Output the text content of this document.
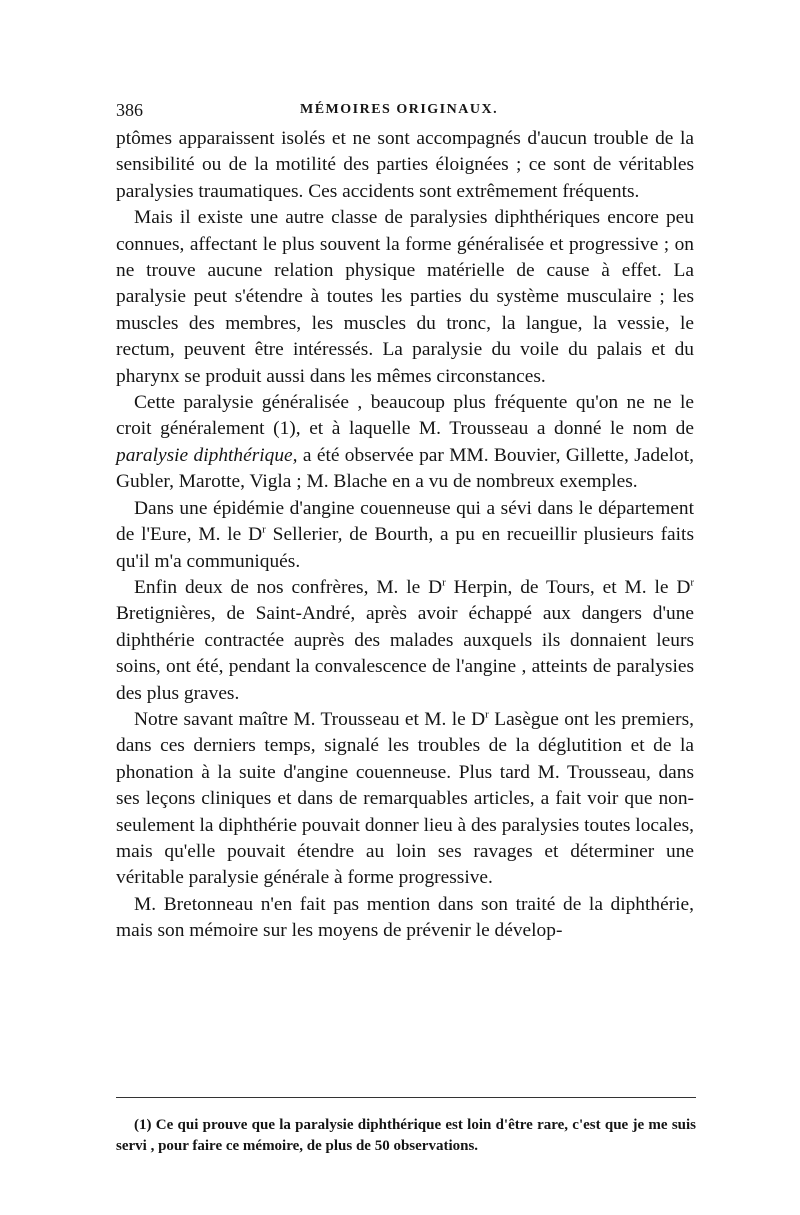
386	MÉMOIRES ORIGINAUX.

ptômes apparaissent isolés et ne sont accompagnés d'aucun trouble de la sensibilité ou de la motilité des parties éloignées ; ce sont de véritables paralysies traumatiques. Ces accidents sont extrêmement fréquents.

Mais il existe une autre classe de paralysies diphthériques encore peu connues, affectant le plus souvent la forme généralisée et progressive ; on ne trouve aucune relation physique matérielle de cause à effet. La paralysie peut s'étendre à toutes les parties du système musculaire ; les muscles des membres, les muscles du tronc, la langue, la vessie, le rectum, peuvent être intéressés. La paralysie du voile du palais et du pharynx se produit aussi dans les mêmes circonstances.

Cette paralysie généralisée , beaucoup plus fréquente qu'on ne ne le croit généralement (1), et à laquelle M. Trousseau a donné le nom de paralysie diphthérique, a été observée par MM. Bouvier, Gillette, Jadelot, Gubler, Marotte, Vigla ; M. Blache en a vu de nombreux exemples.

Dans une épidémie d'angine couenneuse qui a sévi dans le département de l'Eure, M. le $D^r$ Sellerier, de Bourth, a pu en recueillir plusieurs faits qu'il m'a communiqués.

Enfin deux de nos confrères, M. le $D^r$ Herpin, de Tours, et M. le $D^r$ Bretignières, de Saint-André, après avoir échappé aux dangers d'une diphthérie contractée auprès des malades auxquels ils donnaient leurs soins, ont été, pendant la convalescence de l'angine , atteints de paralysies des plus graves.

Notre savant maître M. Trousseau et M. le $D^r$ Lasègue ont les premiers, dans ces derniers temps, signalé les troubles de la déglutition et de la phonation à la suite d'angine couenneuse. Plus tard M. Trousseau, dans ses leçons cliniques et dans de remarquables articles, a fait voir que non-seulement la diphthérie pouvait donner lieu à des paralysies toutes locales, mais qu'elle pouvait étendre au loin ses ravages et déterminer une véritable paralysie générale à forme progressive.

M. Bretonneau n'en fait pas mention dans son traité de la diphthérie, mais son mémoire sur les moyens de prévenir le dévelop-

(1) Ce qui prouve que la paralysie diphthérique est loin d'être rare, c'est que je me suis servi , pour faire ce mémoire, de plus de 50 observations.
